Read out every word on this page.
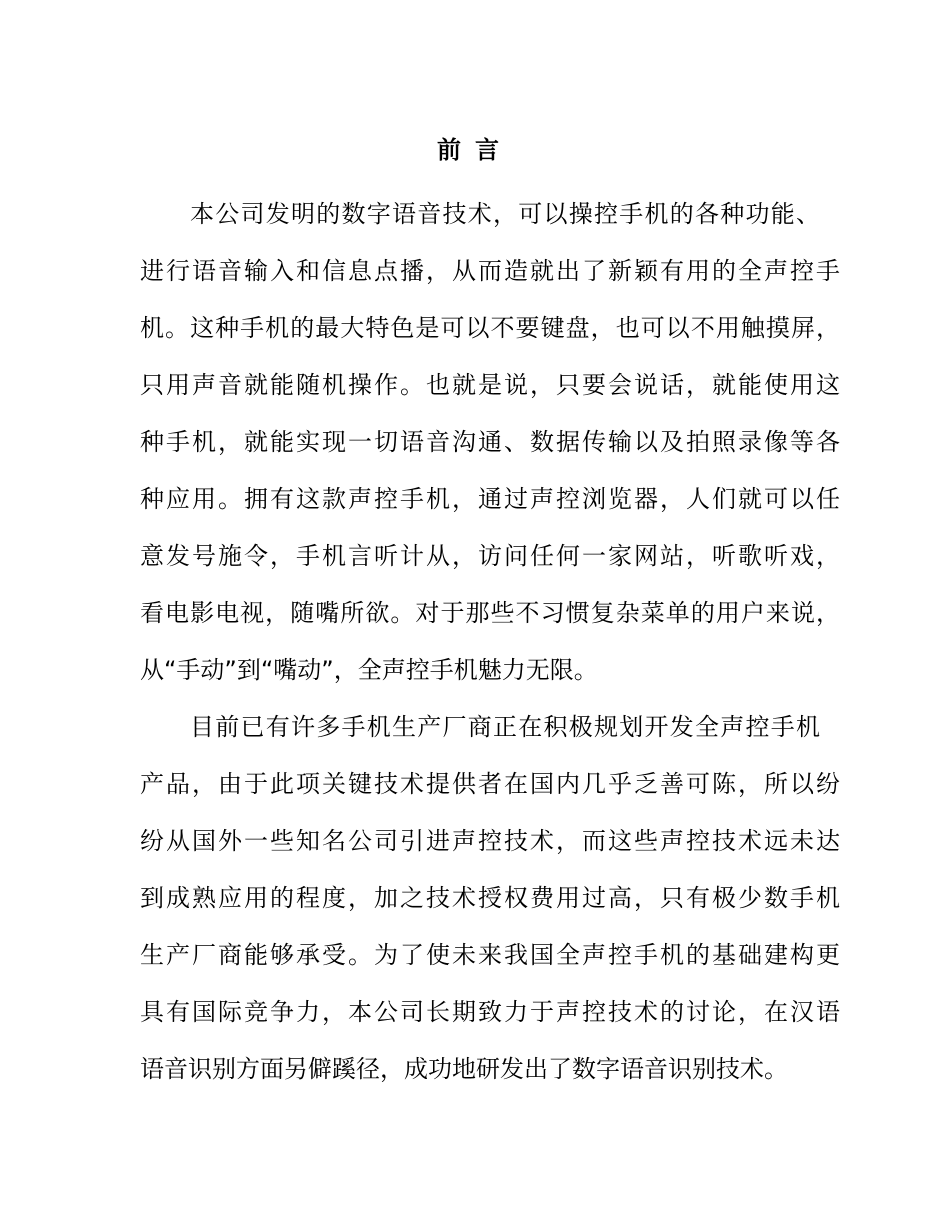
前言
本公司发明的数字语音技术，可以操控手机的各种功能、
进行语音输入和信息点播，从而造就出了新颖有用的全声控手
机。这种手机的最大特色是可以不要键盘，也可以不用触摸屏，
只用声音就能随机操作。也就是说，只要会说话，就能使用这
种手机，就能实现一切语音沟通、数据传输以及拍照录像等各
种应用。拥有这款声控手机，通过声控浏览器，人们就可以任
意发号施令，手机言听计从，访问任何一家网站，听歌听戏，
看电影电视，随嘴所欲。对于那些不习惯复杂菜单的用户来说，
从“手动”到“嘴动”，全声控手机魅力无限。
目前已有许多手机生产厂商正在积极规划开发全声控手机
产品，由于此项关键技术提供者在国内几乎乏善可陈，所以纷
纷从国外一些知名公司引进声控技术，而这些声控技术远未达
到成熟应用的程度，加之技术授权费用过高，只有极少数手机
生产厂商能够承受。为了使未来我国全声控手机的基础建构更
具有国际竞争力，本公司长期致力于声控技术的讨论，在汉语
语音识别方面另僻蹊径，成功地研发出了数字语音识别技术。
